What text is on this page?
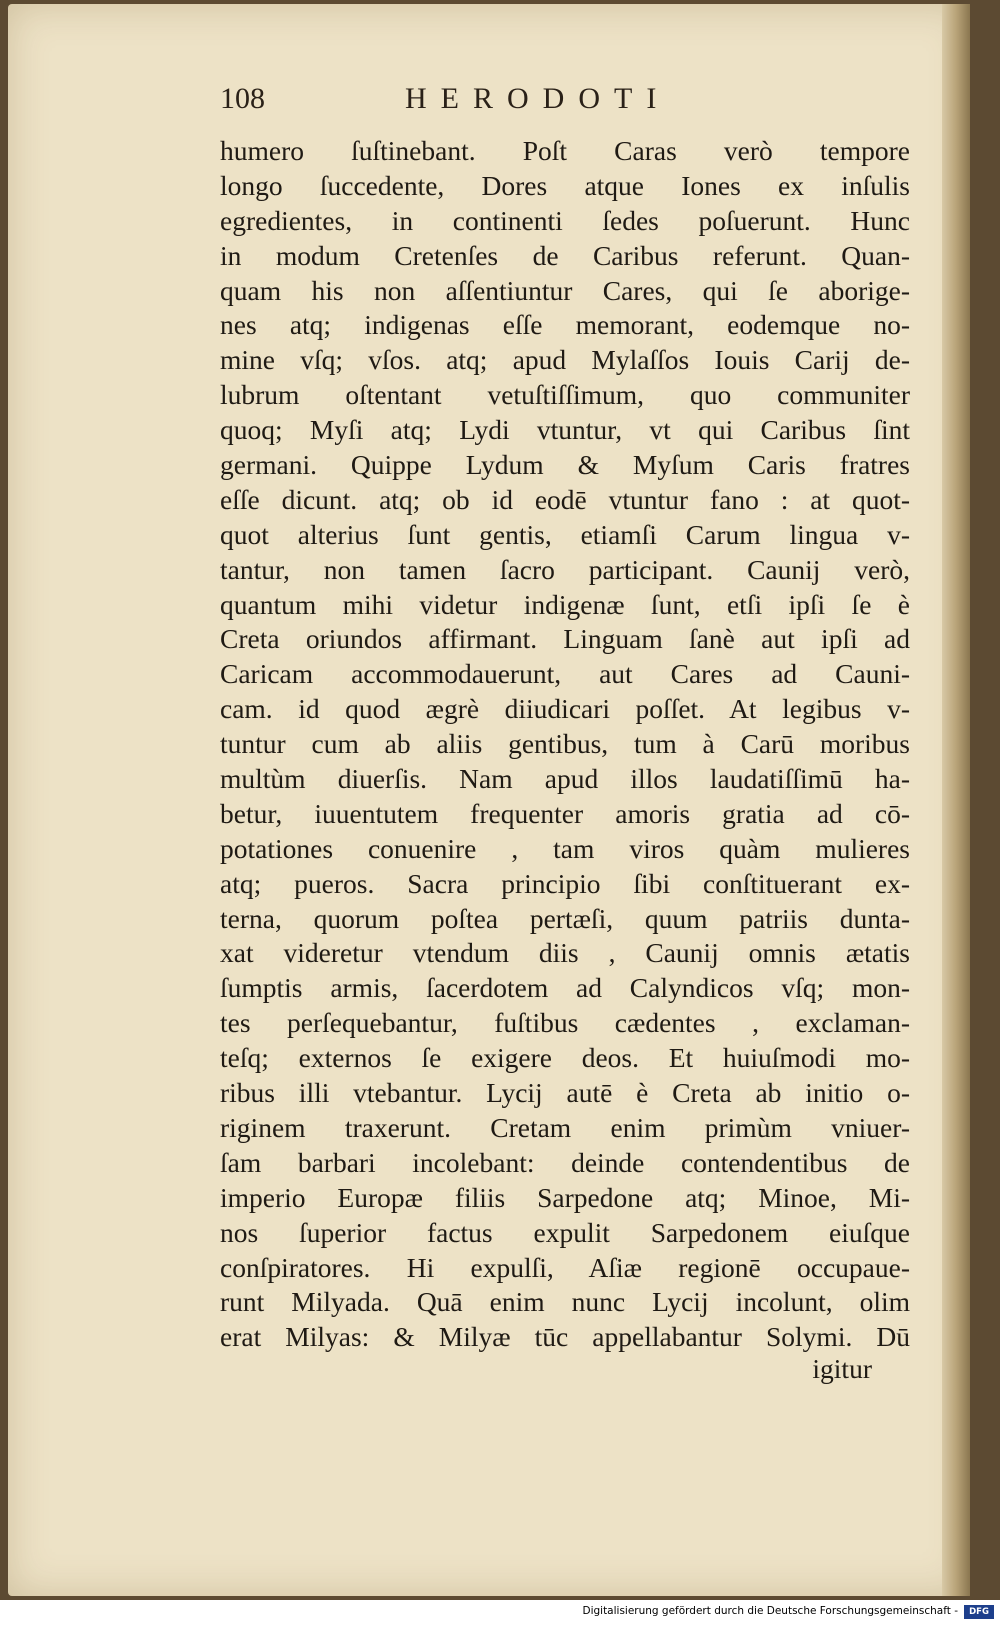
108	HERODOTI
humero ſuſtinebant. Poſt Caras verò tempore
longo ſuccedente, Dores atque Iones ex inſulis
egredientes, in continenti ſedes poſuerunt. Hunc
in modum Cretenſes de Caribus referunt. Quan-
quam his non aſſentiuntur Cares, qui ſe aborige-
nes atq; indigenas eſſe memorant, eodemque no-
mine vſq; vſos. atq; apud Mylaſſos Iouis Carij de-
lubrum oſtentant vetuſtiſſimum, quo communiter
quoq; Myſi atq; Lydi vtuntur, vt qui Caribus ſint
germani. Quippe Lydum & Myſum Caris fratres
eſſe dicunt. atq; ob id eodē vtuntur fano : at quot-
quot alterius ſunt gentis, etiamſi Carum lingua v-
tantur, non tamen ſacro participant. Caunij verò,
quantum mihi videtur indigenæ ſunt, etſi ipſi ſe è
Creta oriundos affirmant. Linguam ſanè aut ipſi ad
Caricam accommodauerunt, aut Cares ad Cauni-
cam. id quod ægrè diiudicari poſſet. At legibus v-
tuntur cum ab aliis gentibus, tum à Carū moribus
multùm diuerſis. Nam apud illos laudatiſſimū ha-
betur, iuuentutem frequenter amoris gratia ad cō-
potationes conuenire , tam viros quàm mulieres
atq; pueros. Sacra principio ſibi conſtituerant ex-
terna, quorum poſtea pertæſi, quum patriis dunta-
xat videretur vtendum diis , Caunij omnis ætatis
ſumptis armis, ſacerdotem ad Calyndicos vſq; mon-
tes perſequebantur, fuſtibus cædentes , exclaman-
teſq; externos ſe exigere deos. Et huiuſmodi mo-
ribus illi vtebantur. Lycij autē è Creta ab initio o-
riginem traxerunt. Cretam enim primùm vniuer-
ſam barbari incolebant: deinde contendentibus de
imperio Europæ filiis Sarpedone atq; Minoe, Mi-
nos ſuperior factus expulit Sarpedonem eiuſque
conſpiratores. Hi expulſi, Aſiæ regionē occupaue-
runt Milyada. Quā enim nunc Lycij incolunt, olim
erat Milyas: & Milyæ tūc appellabantur Solymi. Dū
igitur
Digitalisierung gefördert durch die Deutsche Forschungsgemeinschaft -	DFG
